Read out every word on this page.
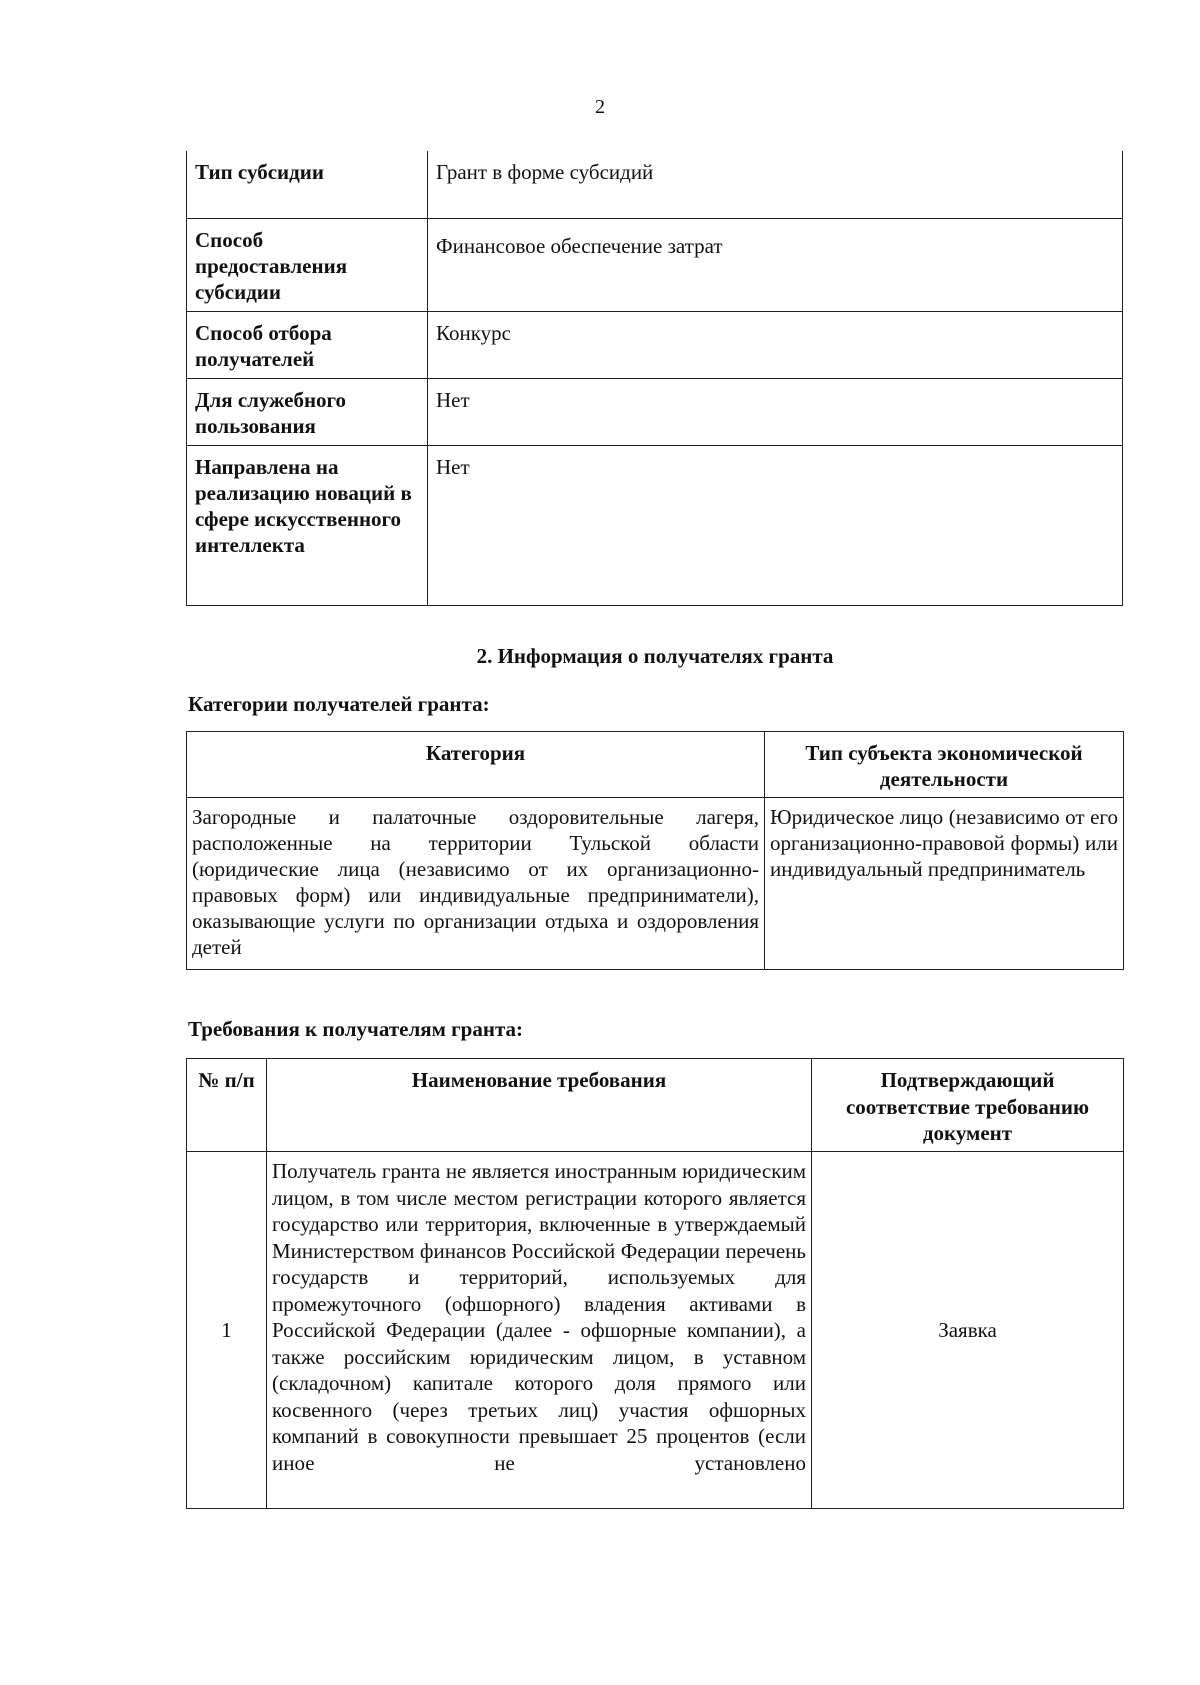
2
Тип субсидии	Грант в форме субсидий
Способ предоставления субсидии	Финансовое обеспечение затрат
Способ отбора получателей	Конкурс
Для служебного пользования	Нет
Направлена на реализацию новаций в сфере искусственного интеллекта	Нет
2. Информация о получателях гранта
Категории получателей гранта:
Категория	Тип субъекта экономической деятельности
Загородные и палаточные оздоровительные лагеря, расположенные на территории Тульской области (юридические лица (независимо от их организационно-правовых форм) или индивидуальные предприниматели), оказывающие услуги по организации отдыха и оздоровления детей	Юридическое лицо (независимо от его организационно-правовой формы) или индивидуальный предприниматель
Требования к получателям гранта:
№ п/п	Наименование требования	Подтверждающий соответствие требованию документ
1	Получатель гранта не является иностранным юридическим лицом, в том числе местом регистрации которого является государство или территория, включенные в утверждаемый Министерством финансов Российской Федерации перечень государств и территорий, используемых для промежуточного (офшорного) владения активами в Российской Федерации (далее - офшорные компании), а также российским юридическим лицом, в уставном (складочном) капитале которого доля прямого или косвенного (через третьих лиц) участия офшорных компаний в совокупности превышает 25 процентов (если иное не установлено	Заявка
